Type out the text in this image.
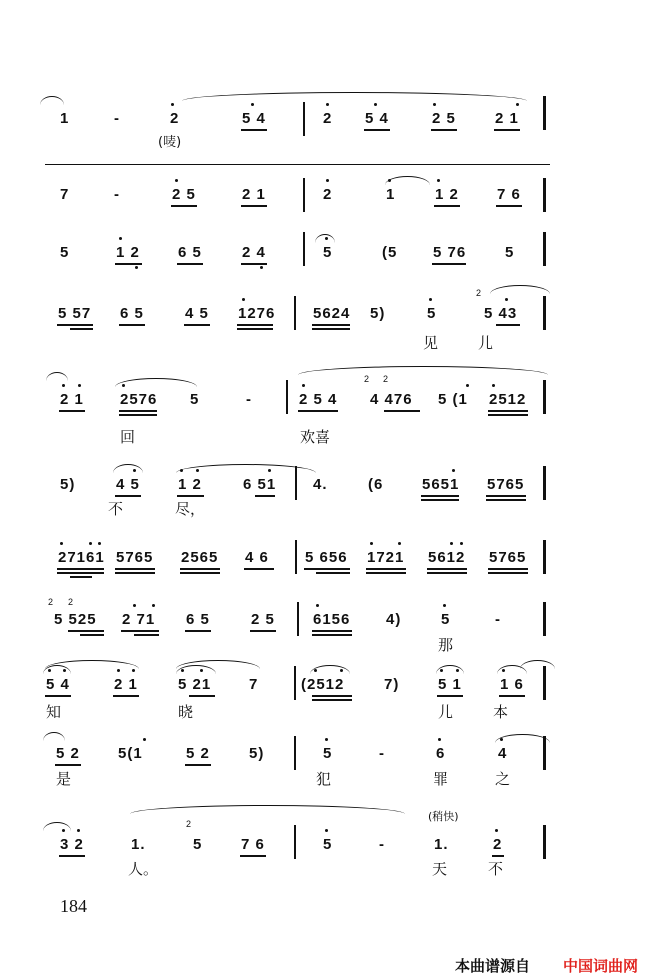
1	-	2	5 4	2 5 4	2 5	2 1
(唛)
7	-	2 5	2 1	2	1	1 2	7 6
5	1 2	6 5	2 4	5	(5 5 76	5
5 57 6 5	4 5 1276	5624 5)	5
2
5 43
见	儿
2 1 2576 5	-	2 5 4
2 2
4 476 5 (1 2512
回	欢喜
5)	4 5	1 2	6 51 4.	(6	5651 5765
不	尽，
27161 5765 2565 4 6 5 656 1721 5612 5765
2 2
5 525 2 71 6 5	2 5	6156 4)	5	-
那
5 4	2 1	5 21	7	(2512	7)	5 1	1 6
知	晓	儿	本
5 2	5(1	5 2	5)	5	-	6	4
是	犯	罪	之
(稍快)
3 2	1.
2
5	7 6	5	-	1.	2
人。	天	不
184
本曲谱源自 中国词曲网
